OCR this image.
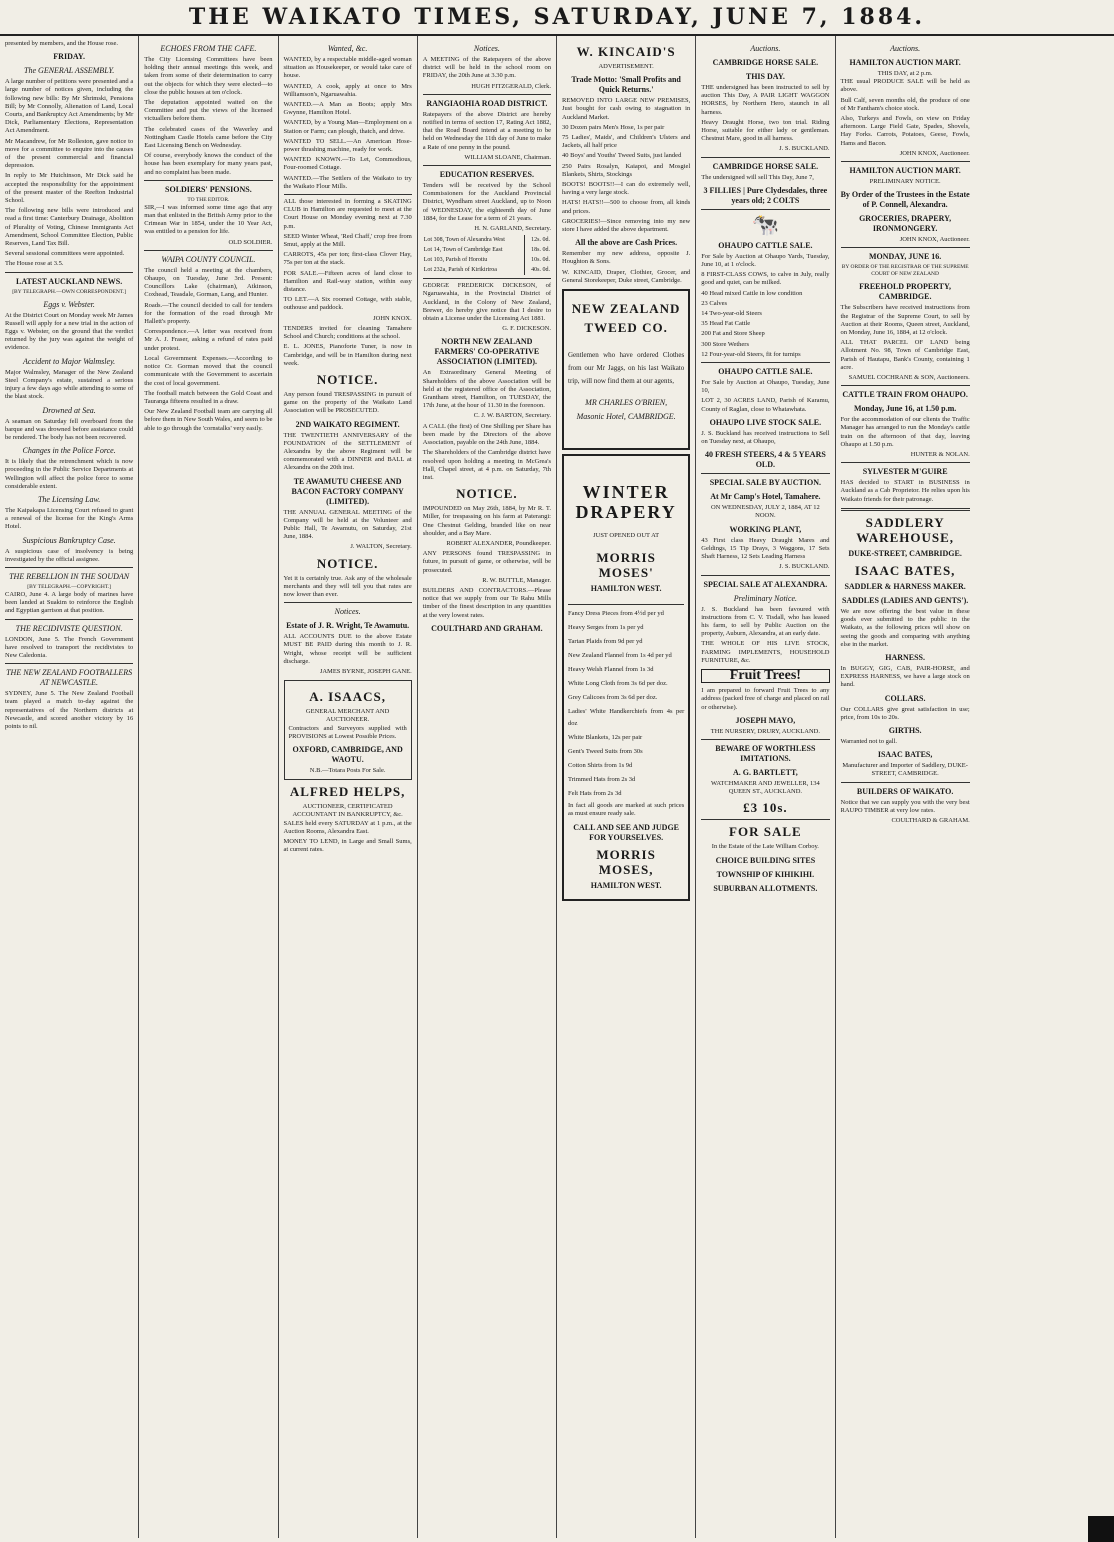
THE WAIKATO TIMES, SATURDAY, JUNE 7, 1884.
presented by members, and the House rose.
FRIDAY.
The GENERAL ASSEMBLY.
A large number of petitions were presented and a large number of notices given, including the following new bills: By Mr Shrimski, Pensions Bill; by Mr Connolly, Alienation of Land, Local Courts, and Bankruptcy Act Amendments; by Mr Dick, Parliamentary Elections, Representation Act Amendment.
Mr Macandrew, for Mr Rolleston, gave notice to move for a committee to enquire into the causes of the present commercial and financial depression.
In reply to Mr Hutchinson, Mr Dick said he accepted the responsibility for the appointment of the present master of the Reefton Industrial School.
The following new bills were introduced and read a first time: Canterbury Drainage, Abolition of Plurality of Voting, Chinese Immigrants Act Amendment, School Committee Election, Public Reserves, Land Tax Bill.
Several sessional committees were appointed.
The House rose at 3.5.
LATEST AUCKLAND NEWS.
[BY TELEGRAPH.—OWN CORRESPONDENT.]
Eggs v. Webster.
At the District Court on Monday week Mr James Russell will apply for a new trial in the action of Eggs v. Webster, on the ground that the verdict returned by the jury was against the weight of evidence.
Accident to Major Walmsley.
Major Walmsley, Manager of the New Zealand Steel Company's estate, sustained a serious injury a few days ago while attending to some of the blast stock.
Drowned at Sea.
A seaman on Saturday fell overboard from the barque and was drowned before assistance could be rendered. The body has not been recovered.
Changes in the Police Force.
It is likely that the retrenchment which is now proceeding in the Public Service Departments at Wellington will affect the police force to some considerable extent.
The Licensing Law.
The Kaipakapa Licensing Court refused to grant a renewal of the license for the King's Arms Hotel.
Suspicious Bankruptcy Case.
A suspicious case of insolvency is being investigated by the official assignee.
THE REBELLION IN THE SOUDAN
[BY TELEGRAPH.—COPYRIGHT.]
CAIRO, June 4. A large body of marines have been landed at Suakim to reinforce the English and Egyptian garrison at that position.
THE RECIDIVISTE QUESTION.
LONDON, June 5. The French Government have resolved to transport the recidivistes to New Caledonia.
THE NEW ZEALAND FOOTBALLERS AT NEWCASTLE.
SYDNEY, June 5. The New Zealand Football team played a match to-day against the representatives of the Northern districts at Newcastle, and scored another victory by 16 points to nil.
ECHOES FROM THE CAFE.
The City Licensing Committees have been holding their annual meetings this week, and taken from some of their determination to carry out the objects for which they were elected—to close the public houses at ten o'clock.
The deputation appointed waited on the Committee and put the views of the licensed victuallers before them.
The celebrated cases of the Waverley and Nottingham Castle Hotels came before the City East Licensing Bench on Wednesday.
Of course, everybody knows the conduct of the house has been exemplary for many years past, and no complaint has been made.
SOLDIERS' PENSIONS.
TO THE EDITOR.
SIR,—I was informed some time ago that any man that enlisted in the British Army prior to the Crimean War in 1854, under the 10 Year Act, was entitled to a pension for life.
OLD SOLDIER.
WAIPA COUNTY COUNCIL.
The council held a meeting at the chambers, Ohaupo, on Tuesday, June 3rd. Present: Councillors Lake (chairman), Atkinson, Coxhead, Teasdale, Gorman, Lang, and Hunter.
Roads.—The council decided to call for tenders for the formation of the road through Mr Hallett's property.
Correspondence.—A letter was received from Mr A. J. Fraser, asking a refund of rates paid under protest.
Local Government Expenses.—According to notice Cr. Gorman moved that the council communicate with the Government to ascertain the cost of local government.
The football match between the Gold Coast and Tauranga fifteens resulted in a draw.
Our New Zealand Football team are carrying all before them in New South Wales, and seem to be able to go through the 'cornstalks' very easily.
Wanted, &c.
WANTED, by a respectable middle-aged woman situation as Housekeeper, or would take care of house.
WANTED, A cook, apply at once to Mrs Williamson's, Ngaruawahia.
WANTED.—A Man as Boots; apply Mrs Gwynne, Hamilton Hotel.
WANTED, by a Young Man—Employment on a Station or Farm; can plough, thatch, and drive.
WANTED TO SELL.—An American Hose-power thrashing machine, ready for work.
WANTED KNOWN.—To Let, Commodious, Four-roomed Cottage.
WANTED.—The Settlers of the Waikato to try the Waikato Flour Mills.
ALL those interested in forming a SKATING CLUB in Hamilton are requested to meet at the Court House on Monday evening next at 7.30 p.m.
SEED Winter Wheat, 'Red Chaff,' crop free from Smut, apply at the Mill.
CARROTS, 45s per ton; first-class Clover Hay, 75s per ton at the stack.
FOR SALE.—Fifteen acres of land close to Hamilton and Rail-way station, within easy distance.
TO LET.—A Six roomed Cottage, with stable, outhouse and paddock.
JOHN KNOX.
TENDERS invited for cleaning Tamahere School and Church; conditions at the school.
E. L. JONES, Pianoforte Tuner, is now in Cambridge, and will be in Hamilton during next week.
NOTICE.
Any person found TRESPASSING in pursuit of game on the property of the Waikato Land Association will be PROSECUTED.
2ND WAIKATO REGIMENT.
THE TWENTIETH ANNIVERSARY of the FOUNDATION of the SETTLEMENT of Alexandra by the above Regiment will be commemorated with a DINNER and BALL at Alexandra on the 20th inst.
TE AWAMUTU CHEESE AND BACON FACTORY COMPANY (LIMITED).
THE ANNUAL GENERAL MEETING of the Company will be held at the Volunteer and Public Hall, Te Awamutu, on Saturday, 21st June, 1884.
J. WALTON, Secretary.
NOTICE.
Yet it is certainly true. Ask any of the wholesale merchants and they will tell you that rates are now lower than ever.
Notices.
Estate of J. R. Wright, Te Awamutu.
ALL ACCOUNTS DUE to the above Estate MUST BE PAID during this month to J. R. Wright, whose receipt will be sufficient discharge.
JAMES BYRNE, JOSEPH GANE.
A. ISAACS,
GENERAL MERCHANT AND AUCTIONEER.
Contractors and Surveyors supplied with PROVISIONS at Lowest Possible Prices.
OXFORD, CAMBRIDGE, AND WAOTU.
N.B.—Totara Posts For Sale.
ALFRED HELPS,
AUCTIONEER, CERTIFICATED ACCOUNTANT IN BANKRUPTCY, &c.
SALES held every SATURDAY at 1 p.m., at the Auction Rooms, Alexandra East.
MONEY TO LEND, in Large and Small Sums, at current rates.
Notices.
A MEETING of the Ratepayers of the above district will be held in the school room on FRIDAY, the 20th June at 3.30 p.m.
HUGH FITZGERALD, Clerk.
RANGIAOHIA ROAD DISTRICT.
Ratepayers of the above District are hereby notified in terms of section 17, Rating Act 1882, that the Road Board intend at a meeting to be held on Wednesday the 11th day of June to make a Rate of one penny in the pound.
WILLIAM SLOANE, Chairman.
EDUCATION RESERVES.
Tenders will be received by the School Commissioners for the Auckland Provincial District, Wyndham street Auckland, up to Noon of WEDNESDAY, the eighteenth day of June 1884, for the Lease for a term of 21 years.
H. N. GARLAND, Secretary.
Lot 308, Town of Alexandra West	12s. 0d.
Lot 14, Town of Cambridge East	18s. 0d.
Lot 103, Parish of Horotiu	10s. 0d.
Lot 232a, Parish of Kirikiriroa	40s. 0d.
GEORGE FREDERICK DICKESON, of Ngaruawahia, in the Provincial District of Auckland, in the Colony of New Zealand, Brewer, do hereby give notice that I desire to obtain a License under the Licensing Act 1881.
G. F. DICKESON.
NORTH NEW ZEALAND FARMERS' CO-OPERATIVE ASSOCIATION (LIMITED).
An Extraordinary General Meeting of Shareholders of the above Association will be held at the registered office of the Association, Grantham street, Hamilton, on TUESDAY, the 17th June, at the hour of 11.30 in the forenoon.
C. J. W. BARTON, Secretary.
A CALL (the first) of One Shilling per Share has been made by the Directors of the above Association, payable on the 24th June, 1884.
The Shareholders of the Cambridge district have resolved upon holding a meeting in McGrea's Hall, Chapel street, at 4 p.m. on Saturday, 7th inst.
NOTICE.
IMPOUNDED on May 26th, 1884, by Mr R. T. Miller, for trespassing on his farm at Paterangi: One Chestnut Gelding, branded like on near shoulder, and a Bay Mare.
ROBERT ALEXANDER, Poundkeeper.
ANY PERSONS found TRESPASSING in future, in pursuit of game, or otherwise, will be prosecuted.
R. W. BUTTLE, Manager.
BUILDERS AND CONTRACTORS.—Please notice that we supply from our Te Rahu Mills timber of the finest description in any quantities at the very lowest rates.
COULTHARD AND GRAHAM.
W. KINCAID'S
ADVERTISEMENT.
Trade Motto: 'Small Profits and Quick Returns.'
REMOVED INTO LARGE NEW PREMISES, Just bought for cash owing to stagnation in Auckland Market.
30 Dozen pairs Men's Hose, 1s per pair
75 Ladies', Maids', and Children's Ulsters and Jackets, all half price
40 Boys' and Youths' Tweed Suits, just landed
250 Pairs Rosalyn, Kaiapoi, and Mosgiel Blankets, Shirts, Stockings
BOOTS! BOOTS!!—I can do extremely well, having a very large stock.
HATS! HATS!!—500 to choose from, all kinds and prices.
GROCERIES!—Since removing into my new store I have added the above department.
All the above are Cash Prices.
Remember my new address, opposite J. Houghton & Sons.
W. KINCAID, Draper, Clothier, Grocer, and General Storekeeper, Duke street, Cambridge.
NEW ZEALAND
TWEED CO.
Gentlemen who have ordered Clothes from our Mr Jaggs, on his last Waikato trip, will now find them at our agents,
MR CHARLES O'BRIEN,
Masonic Hotel, CAMBRIDGE.
WINTER DRAPERY
JUST OPENED OUT AT
MORRIS MOSES'
HAMILTON WEST.
Fancy Dress Pieces from 4½d per yd
Heavy Serges from 1s per yd
Tartan Plaids from 9d per yd
New Zealand Flannel from 1s 4d per yd
Heavy Welsh Flannel from 1s 3d
White Long Cloth from 3s 6d per doz.
Grey Calicoes from 3s 6d per doz.
Ladies' White Handkerchiefs from 4s per doz
White Blankets, 12s per pair
Gent's Tweed Suits from 30s
Cotton Shirts from 1s 9d
Trimmed Hats from 2s 3d
Felt Hats from 2s 3d
In fact all goods are marked at such prices as must ensure ready sale.
CALL AND SEE AND JUDGE FOR YOURSELVES.
MORRIS MOSES,
HAMILTON WEST.
Auctions.
CAMBRIDGE HORSE SALE.
THIS DAY.
THE undersigned has been instructed to sell by auction This Day, A PAIR LIGHT WAGGON HORSES, by Northern Hero, staunch in all harness.
Heavy Draught Horse, two ton trial. Riding Horse, suitable for either lady or gentleman. Chestnut Mare, good in all harness.
J. S. BUCKLAND.
CAMBRIDGE HORSE SALE.
The undersigned will sell This Day, June 7,
3 FILLIES | Pure Clydesdales, three years old; 2 COLTS
🐄
OHAUPO CATTLE SALE.
For Sale by Auction at Ohaupo Yards, Tuesday, June 10, at 1 o'clock.
8 FIRST-CLASS COWS, to calve in July, really good and quiet, can be milked.
40 Head mixed Cattle in low condition
23 Calves
14 Two-year-old Steers
35 Head Fat Cattle
200 Fat and Store Sheep
300 Store Wethers
12 Four-year-old Steers, fit for turnips
OHAUPO CATTLE SALE.
For Sale by Auction at Ohaupo, Tuesday, June 10,
LOT 2, 30 ACRES LAND, Parish of Karamu, County of Raglan, close to Whatawhata.
OHAUPO LIVE STOCK SALE.
J. S. Buckland has received instructions to Sell on Tuesday next, at Ohaupo,
40 FRESH STEERS, 4 & 5 YEARS OLD.
SPECIAL SALE BY AUCTION.
At Mr Camp's Hotel, Tamahere.
ON WEDNESDAY, JULY 2, 1884, AT 12 NOON.
WORKING PLANT,
43 First class Heavy Draught Mares and Geldings, 15 Tip Drays, 3 Waggons, 17 Sets Shaft Harness, 12 Sets Leading Harness
J. S. BUCKLAND.
SPECIAL SALE AT ALEXANDRA.
Preliminary Notice.
J. S. Buckland has been favoured with instructions from C. V. Tisdall, who has leased his farm, to sell by Public Auction on the property, Auburn, Alexandra, at an early date.
THE WHOLE OF HIS LIVE STOCK, FARMING IMPLEMENTS, HOUSEHOLD FURNITURE, &c.
Fruit Trees!
I am prepared to forward Fruit Trees to any address (packed free of charge and placed on rail or otherwise).
JOSEPH MAYO,
THE NURSERY, DRURY, AUCKLAND.
BEWARE OF WORTHLESS IMITATIONS.
A. G. BARTLETT,
WATCHMAKER AND JEWELLER, 134 QUEEN ST., AUCKLAND.
£3 10s.
FOR SALE
In the Estate of the Late William Corboy.
CHOICE BUILDING SITES
TOWNSHIP OF KIHIKIHI.
SUBURBAN ALLOTMENTS.
Auctions.
HAMILTON AUCTION MART.
THIS DAY, at 2 p.m.
THE usual PRODUCE SALE will be held as above.
Bull Calf, seven months old, the produce of one of Mr Fantham's choice stock.
Also, Turkeys and Fowls, on view on Friday afternoon. Large Field Gate, Spades, Shovels, Hay Forks. Carrots, Potatoes, Geese, Fowls, Hams and Bacon.
JOHN KNOX, Auctioneer.
HAMILTON AUCTION MART.
PRELIMINARY NOTICE.
By Order of the Trustees in the Estate of P. Connell, Alexandra.
GROCERIES, DRAPERY, IRONMONGERY.
JOHN KNOX, Auctioneer.
MONDAY, JUNE 16.
BY ORDER OF THE REGISTRAR OF THE SUPREME COURT OF NEW ZEALAND
FREEHOLD PROPERTY, CAMBRIDGE.
The Subscribers have received instructions from the Registrar of the Supreme Court, to sell by Auction at their Rooms, Queen street, Auckland, on Monday, June 16, 1884, at 12 o'clock.
ALL THAT PARCEL OF LAND being Allotment No. 98, Town of Cambridge East, Parish of Hautapu, Bank's County, containing 1 acre.
SAMUEL COCHRANE & SON, Auctioneers.
CATTLE TRAIN FROM OHAUPO.
Monday, June 16, at 1.50 p.m.
For the accommodation of our clients the Traffic Manager has arranged to run the Monday's cattle train on the afternoon of that day, leaving Ohaupo at 1.50 p.m.
HUNTER & NOLAN.
SYLVESTER M'GUIRE
HAS decided to START in BUSINESS in Auckland as a Cab Proprietor. He relies upon his Waikato friends for their patronage.
SADDLERY WAREHOUSE,
DUKE-STREET, CAMBRIDGE.
ISAAC BATES,
SADDLER & HARNESS MAKER.
SADDLES (LADIES AND GENTS').
We are now offering the best value in these goods ever submitted to the public in the Waikato, as the following prices will show on seeing the goods and comparing with anything else in the market.
HARNESS.
In BUGGY, GIG, CAB, PAIR-HORSE, and EXPRESS HARNESS, we have a large stock on hand.
COLLARS.
Our COLLARS give great satisfaction in use; price, from 10s to 20s.
GIRTHS.
Warranted not to gall.
ISAAC BATES,
Manufacturer and Importer of Saddlery, DUKE-STREET, CAMBRIDGE.
BUILDERS OF WAIKATO.
Notice that we can supply you with the very best RAUPO TIMBER at very low rates.
COULTHARD & GRAHAM.
